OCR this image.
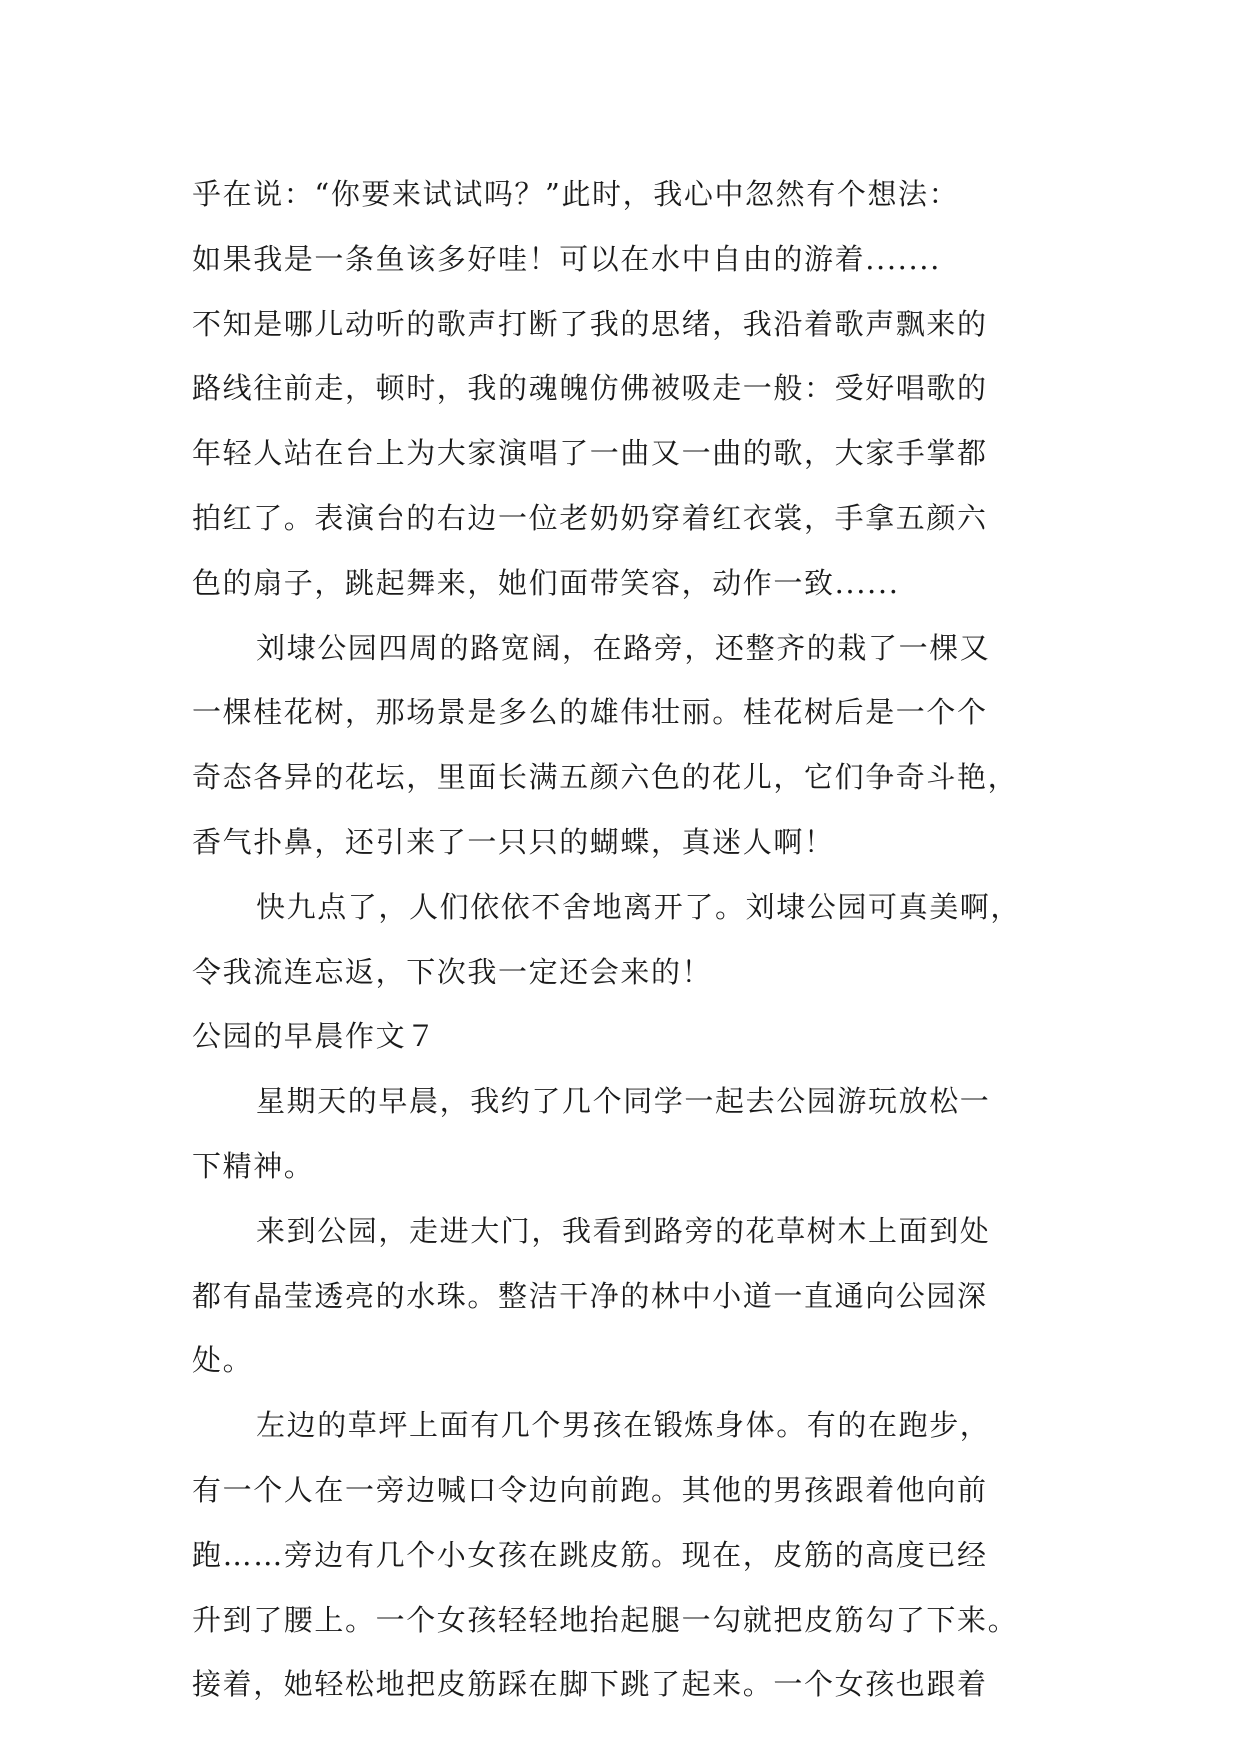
乎在说：“你要来试试吗？”此时，我心中忽然有个想法：
如果我是一条鱼该多好哇！可以在水中自由的游着.......
不知是哪儿动听的歌声打断了我的思绪，我沿着歌声飘来的
路线往前走，顿时，我的魂魄仿佛被吸走一般：受好唱歌的
年轻人站在台上为大家演唱了一曲又一曲的歌，大家手掌都
拍红了。表演台的右边一位老奶奶穿着红衣裳，手拿五颜六
色的扇子，跳起舞来，她们面带笑容，动作一致......
刘埭公园四周的路宽阔，在路旁，还整齐的栽了一棵又
一棵桂花树，那场景是多么的雄伟壮丽。桂花树后是一个个
奇态各异的花坛，里面长满五颜六色的花儿，它们争奇斗艳，
香气扑鼻，还引来了一只只的蝴蝶，真迷人啊！
快九点了，人们依依不舍地离开了。刘埭公园可真美啊，
令我流连忘返，下次我一定还会来的！
公园的早晨作文７
星期天的早晨，我约了几个同学一起去公园游玩放松一
下精神。
来到公园，走进大门，我看到路旁的花草树木上面到处
都有晶莹透亮的水珠。整洁干净的林中小道一直通向公园深
处。
左边的草坪上面有几个男孩在锻炼身体。有的在跑步，
有一个人在一旁边喊口令边向前跑。其他的男孩跟着他向前
跑……旁边有几个小女孩在跳皮筋。现在，皮筋的高度已经
升到了腰上。一个女孩轻轻地抬起腿一勾就把皮筋勾了下来。
接着，她轻松地把皮筋踩在脚下跳了起来。一个女孩也跟着
